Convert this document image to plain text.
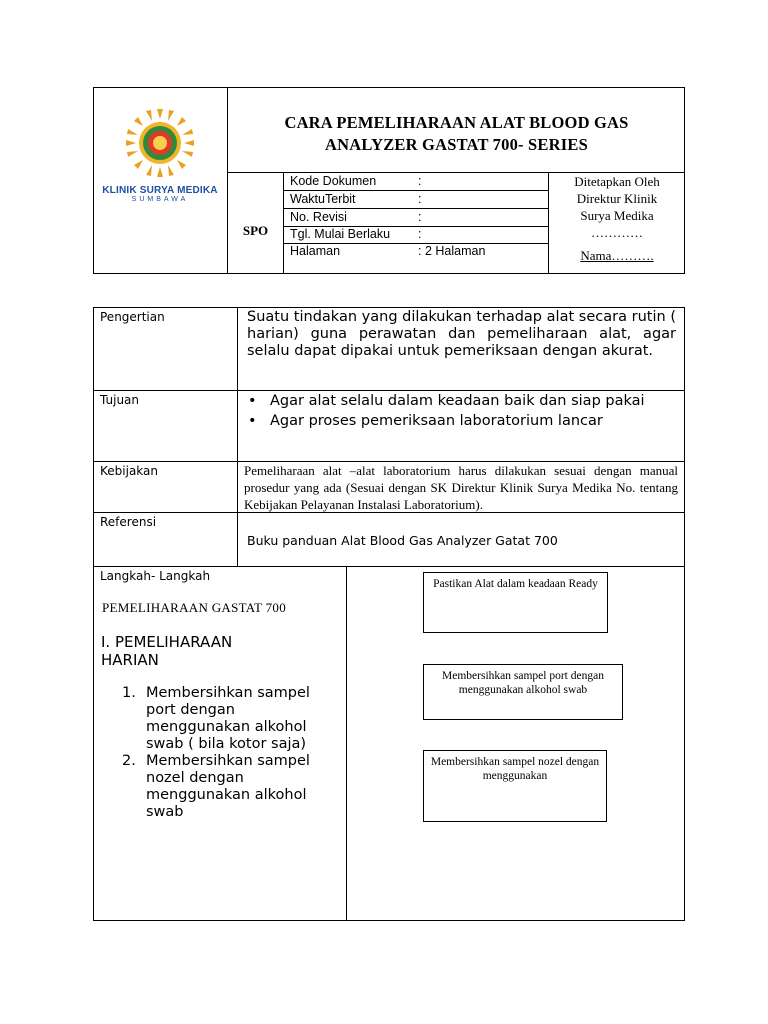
KLINIK SURYA MEDIKA
SUMBAWA
CARA PEMELIHARAAN ALAT BLOOD GAS
ANALYZER GASTAT 700- SERIES
SPO
Kode Dokumen	:
WaktuTerbit	:
No. Revisi	:
Tgl. Mulai Berlaku :
Halaman	: 2 Halaman
Ditetapkan Oleh
Direktur Klinik
Surya Medika
…………
Nama……….
Pengertian	Suatu tindakan yang dilakukan terhadap alat secara rutin ( harian) guna perawatan dan pemeliharaan alat, agar selalu dapat dipakai untuk pemeriksaan dengan akurat.
Tujuan
•	Agar alat selalu dalam keadaan baik dan siap pakai
• Agar proses pemeriksaan laboratorium lancar
Kebijakan	Pemeliharaan alat –alat laboratorium harus dilakukan sesuai dengan manual prosedur yang ada (Sesuai dengan SK Direktur Klinik Surya Medika No. tentang Kebijakan Pelayanan Instalasi Laboratorium).
Referensi
Buku panduan Alat Blood Gas Analyzer Gatat 700
Langkah- Langkah
PEMELIHARAAN GASTAT 700
I. PEMELIHARAAN
HARIAN
1. Membersihkan sampel port dengan menggunakan alkohol swab ( bila kotor saja)
2. Membersihkan sampel nozel dengan menggunakan alkohol swab
Pastikan Alat dalam keadaan Ready
Membersihkan sampel port dengan menggunakan alkohol swab
Membersihkan sampel nozel dengan menggunakan
